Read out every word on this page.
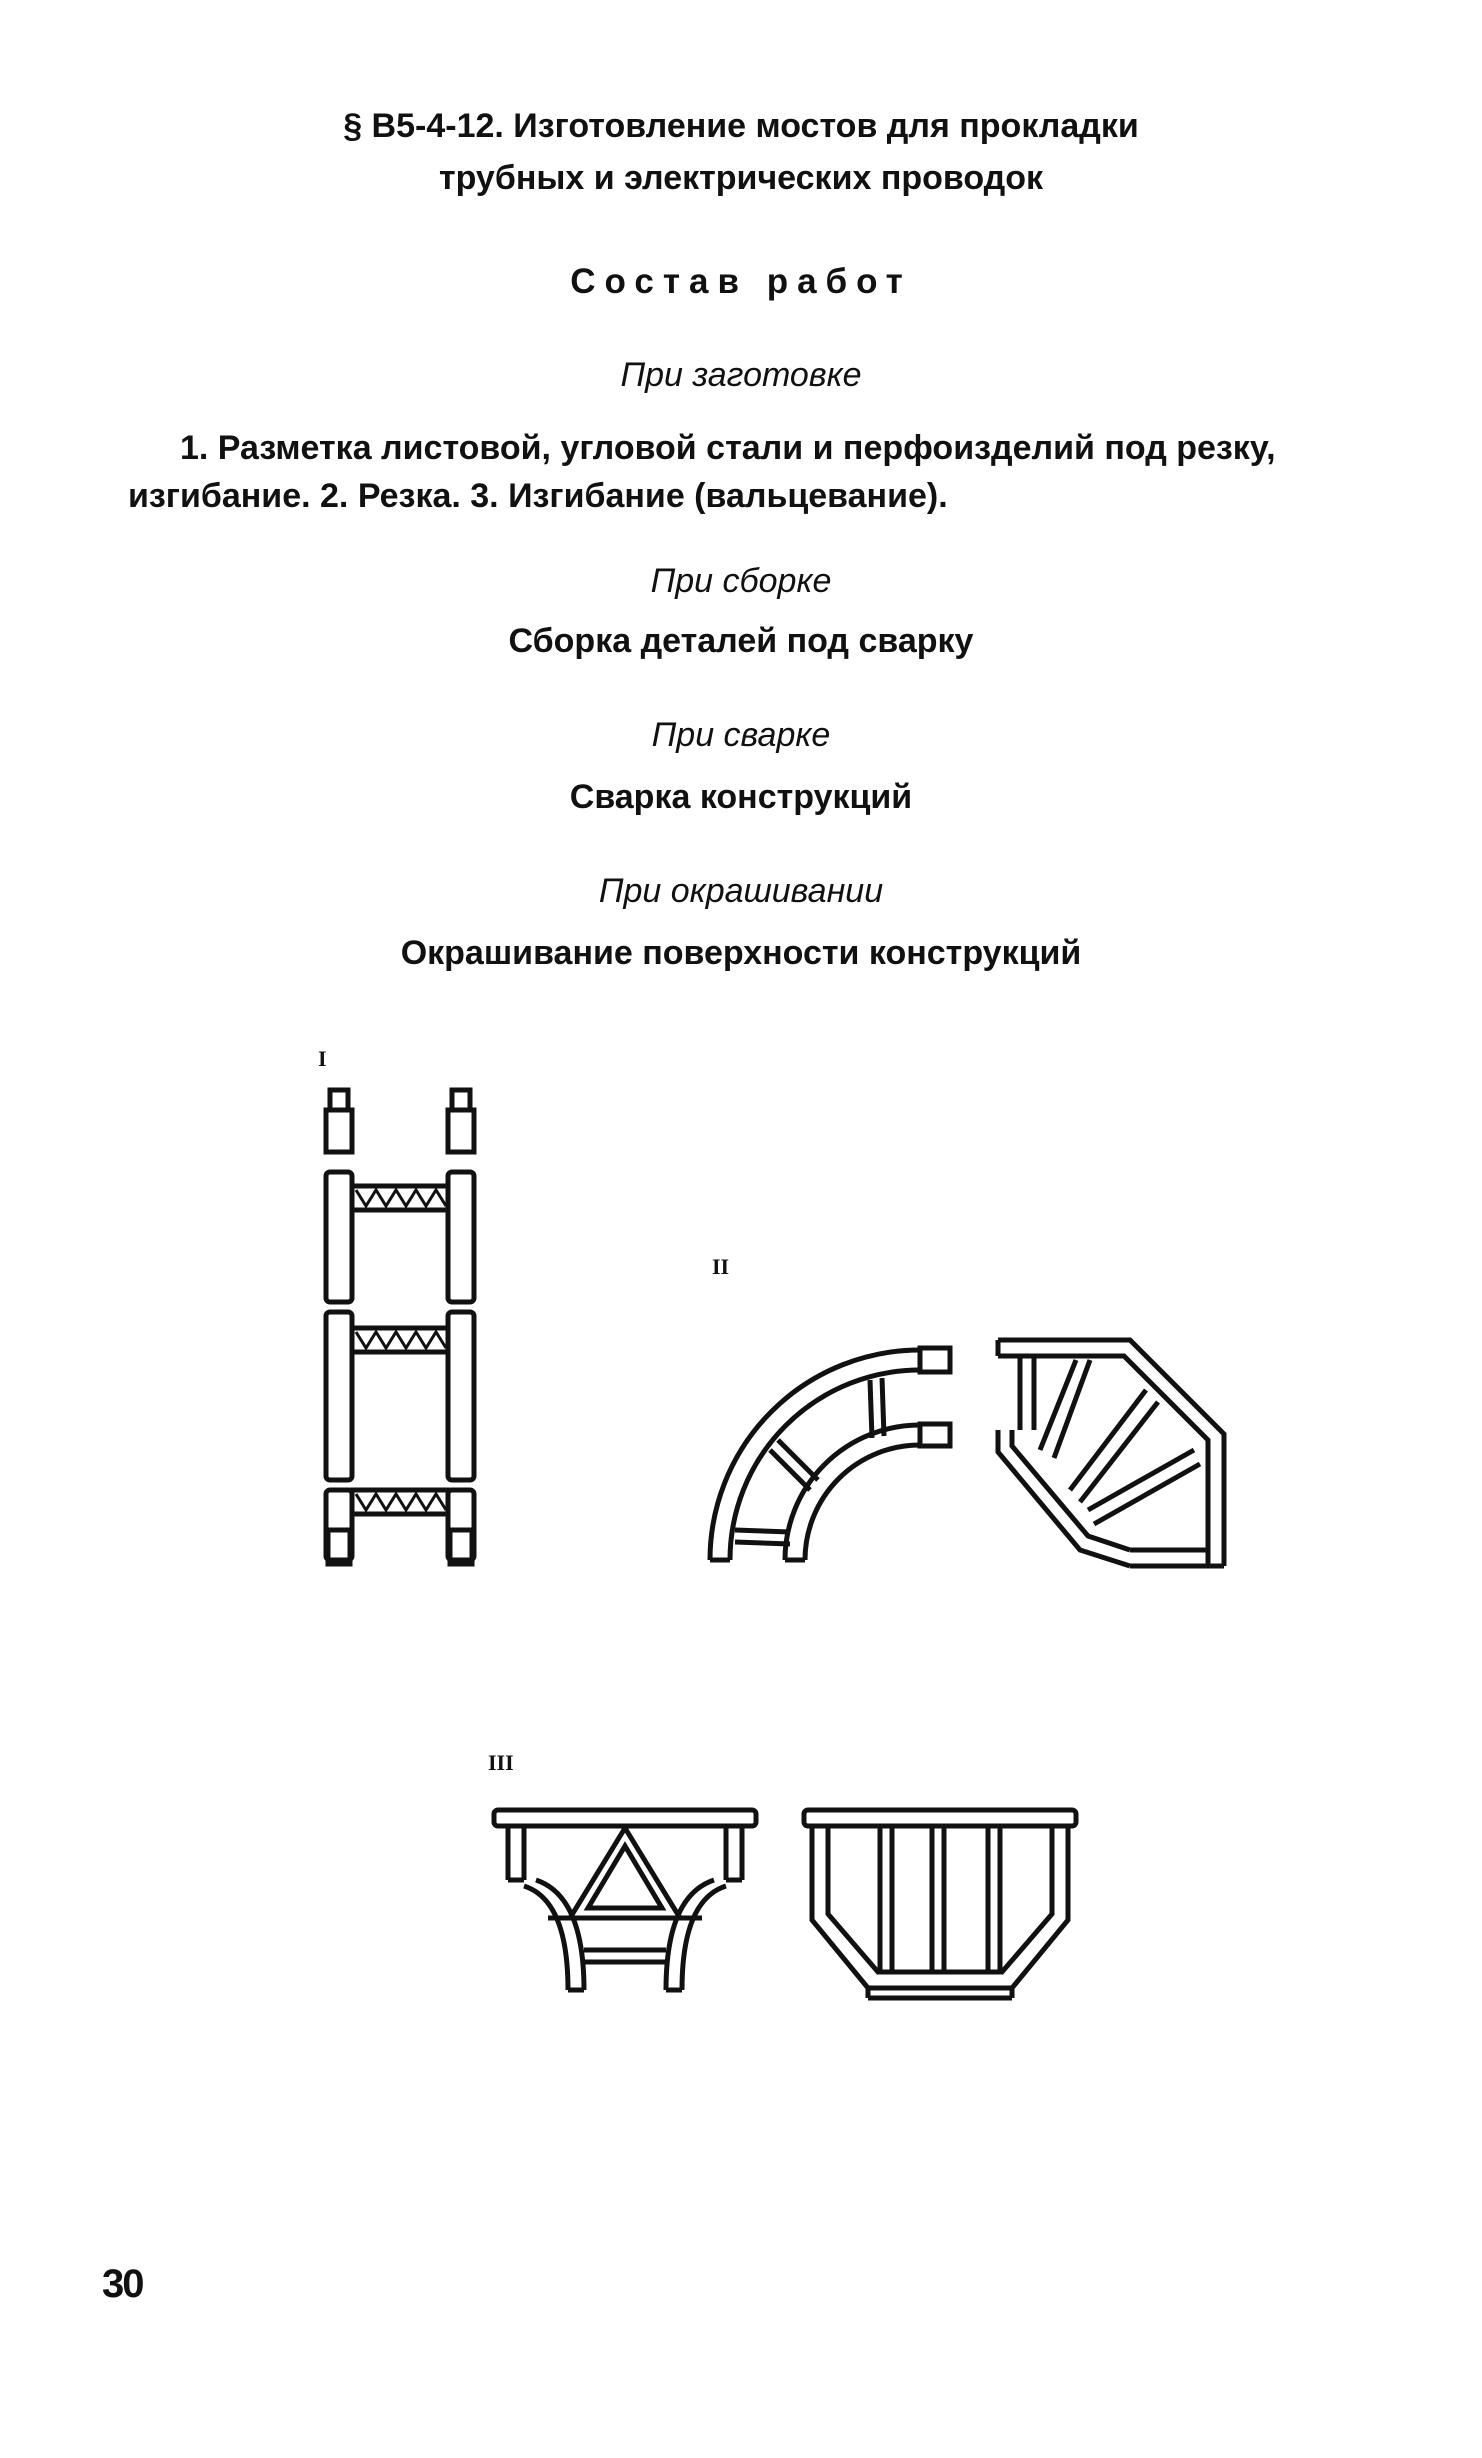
§ В5-4-12. Изготовление мостов для прокладки
трубных и электрических проводок
Состав работ
При заготовке
1. Разметка листовой, угловой стали и перфоизделий под резку, изгибание. 2. Резка. 3. Изгибание (вальцевание).
При сборке
Сборка деталей под сварку
При сварке
Сварка конструкций
При окрашивании
Окрашивание поверхности конструкций
I
II
III
30
